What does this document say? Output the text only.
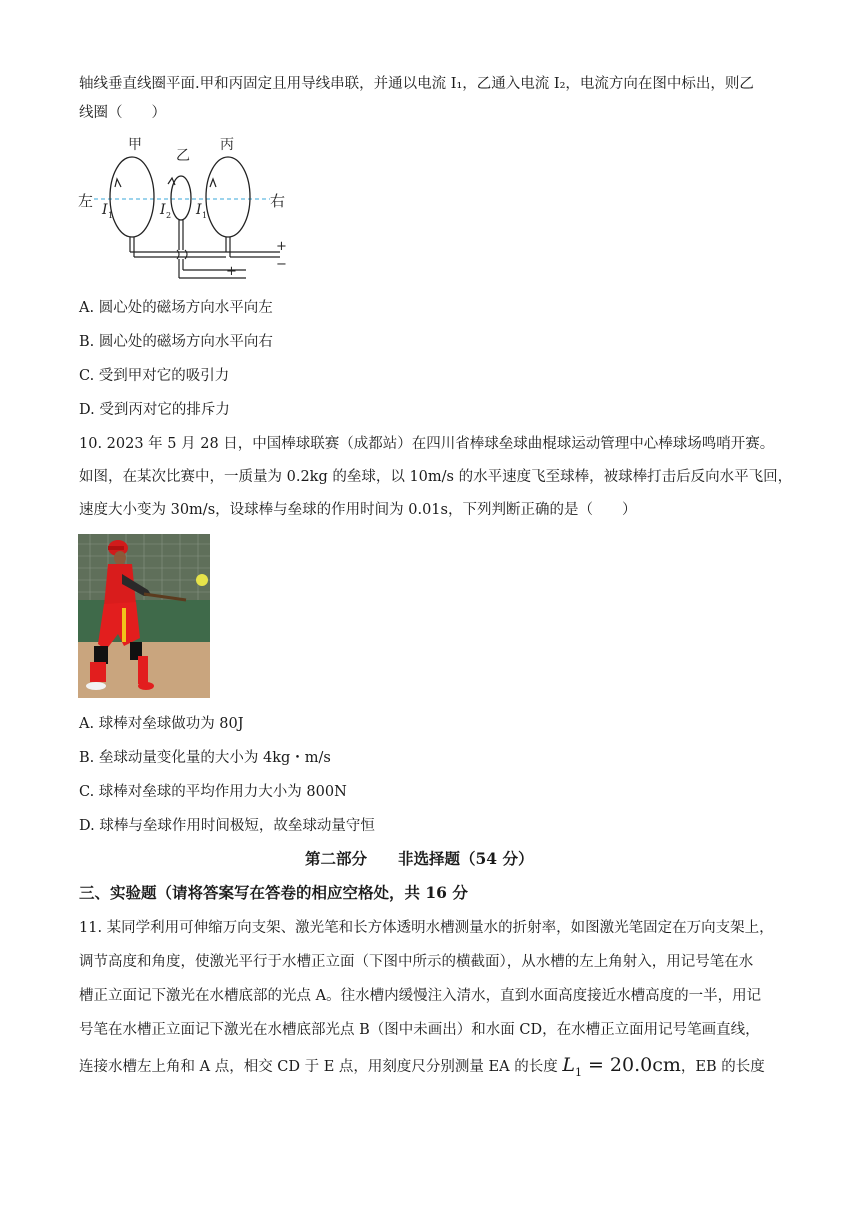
轴线垂直线圈平面.甲和丙固定且用导线串联，并通以电流 I₁，乙通入电流 I₂，电流方向在图中标出，则乙
线圈（　　）
甲
乙
丙
左	右
I 1	I 2 I 1
+
−
+
A. 圆心处的磁场方向水平向左
B. 圆心处的磁场方向水平向右
C. 受到甲对它的吸引力
D. 受到丙对它的排斥力
10. 2023 年 5 月 28 日，中国棒球联赛（成都站）在四川省棒球垒球曲棍球运动管理中心棒球场鸣哨开赛。
如图，在某次比赛中，一质量为 0.2kg 的垒球，以 10m/s 的水平速度飞至球棒，被球棒打击后反向水平飞回，
速度大小变为 30m/s，设球棒与垒球的作用时间为 0.01s，下列判断正确的是（　　）
A. 球棒对垒球做功为 80J
B. 垒球动量变化量的大小为 4kg・m/s
C. 球棒对垒球的平均作用力大小为 800N
D. 球棒与垒球作用时间极短，故垒球动量守恒
第二部分　　非选择题（54 分）
三、实验题（请将答案写在答卷的相应空格处，共 16 分
11. 某同学利用可伸缩万向支架、激光笔和长方体透明水槽测量水的折射率，如图激光笔固定在万向支架上，
调节高度和角度，使激光平行于水槽正立面（下图中所示的横截面），从水槽的左上角射入，用记号笔在水
槽正立面记下激光在水槽底部的光点 A。往水槽内缓慢注入清水，直到水面高度接近水槽高度的一半，用记
号笔在水槽正立面记下激光在水槽底部光点 B（图中未画出）和水面 CD，在水槽正立面用记号笔画直线，
连接水槽左上角和 A 点，相交 CD 于 E 点，用刻度尺分别测量 EA 的长度 $L_1 = 20.0cm$，EB 的长度
